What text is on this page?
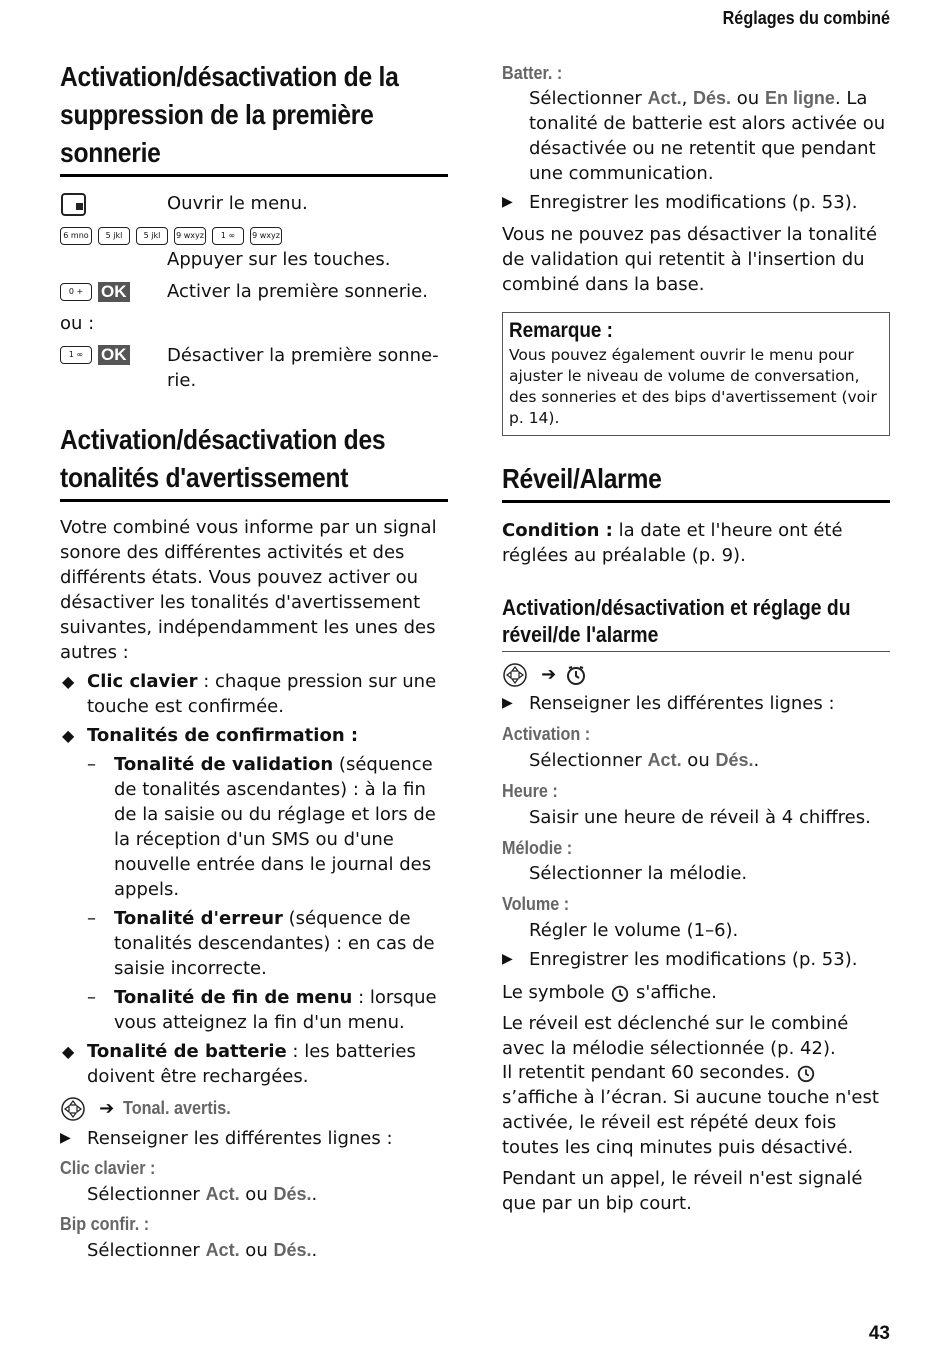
Réglages du combiné
Activation/désactivation de la suppression de la première sonnerie
Ouvrir le menu.
6 mno 5 jkl	5 jkl 9 wxyz 1 ∞ 9 wxyz
Appuyer sur les touches.
0 + OK Activer la première sonnerie.
ou :
1 ∞ OK Désactiver la première sonne-rie.
Activation/désactivation des tonalités d'avertissement
Votre combiné vous informe par un signal sonore des différentes activités et des différents états. Vous pouvez activer ou désactiver les tonalités d'avertissement suivantes, indépendamment les unes des autres :
◆ Clic clavier : chaque pression sur une touche est confirmée.
◆ Tonalités de confirmation :
– Tonalité de validation (séquence de tonalités ascendantes) : à la fin de la saisie ou du réglage et lors de la réception d'un SMS ou d'une nouvelle entrée dans le journal des appels.
– Tonalité d'erreur (séquence de tonalités descendantes) : en cas de saisie incorrecte.
– Tonalité de fin de menu : lorsque vous atteignez la fin d'un menu.
◆ Tonalité de batterie : les batteries doivent être rechargées.
➔ Tonal. avertis.
▶ Renseigner les différentes lignes :
Clic clavier :
Sélectionner Act. ou Dés..
Bip confir. :
Sélectionner Act. ou Dés..
Batter. :
Sélectionner Act., Dés. ou En ligne. La tonalité de batterie est alors activée ou désactivée ou ne retentit que pendant une communication.
▶ Enregistrer les modifications (p. 53).
Vous ne pouvez pas désactiver la tonalité de validation qui retentit à l'insertion du combiné dans la base.
Remarque :
Vous pouvez également ouvrir le menu pour ajuster le niveau de volume de conversation, des sonneries et des bips d'avertissement (voir p. 14).
Réveil/Alarme
Condition : la date et l'heure ont été réglées au préalable (p. 9).
Activation/désactivation et réglage du réveil/de l'alarme
➔
▶ Renseigner les différentes lignes :
Activation :
Sélectionner Act. ou Dés..
Heure :
Saisir une heure de réveil à 4 chiffres.
Mélodie :
Sélectionner la mélodie.
Volume :
Régler le volume (1–6).
▶ Enregistrer les modifications (p. 53).
Le symbole  s'affiche.
Le réveil est déclenché sur le combiné avec la mélodie sélectionnée (p. 42).
Il retentit pendant 60 secondes.  s’affiche à l’écran. Si aucune touche n'est activée, le réveil est répété deux fois toutes les cinq minutes puis désactivé.
Pendant un appel, le réveil n'est signalé que par un bip court.
43
